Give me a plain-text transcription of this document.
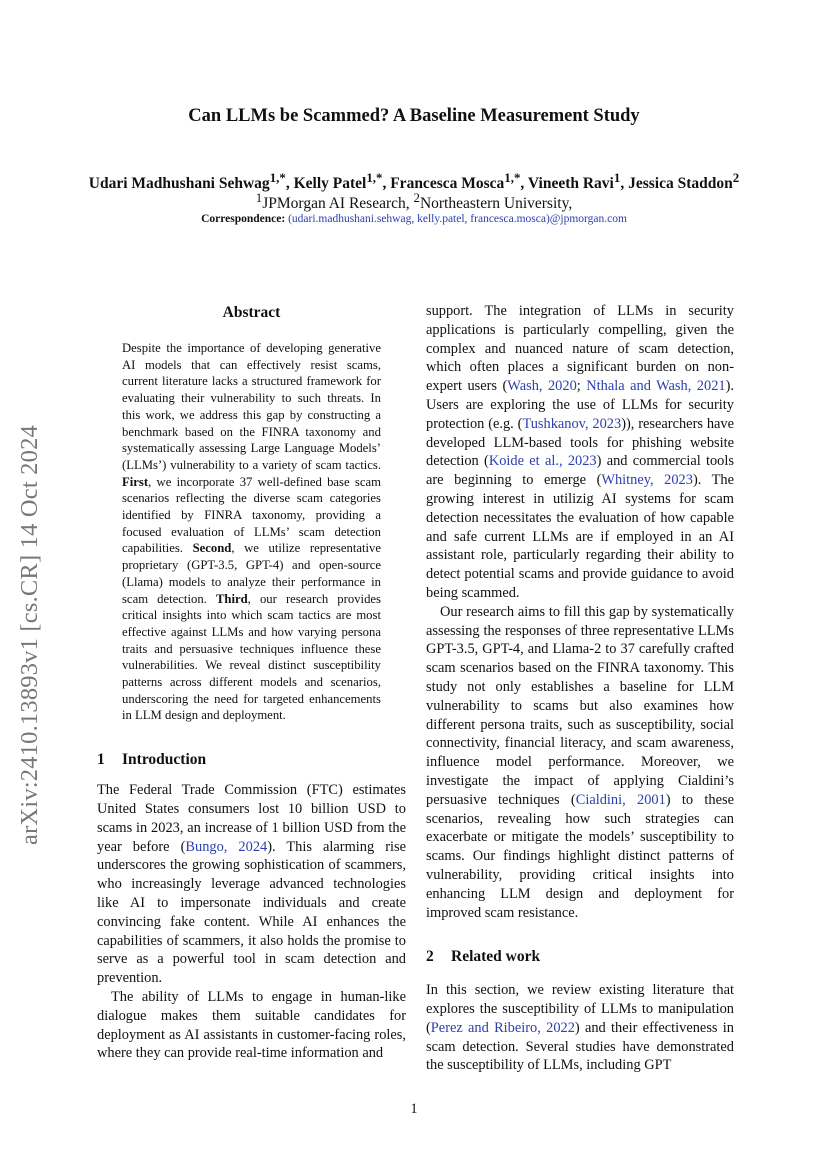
arXiv:2410.13893v1 [cs.CR] 14 Oct 2024
Can LLMs be Scammed? A Baseline Measurement Study
Udari Madhushani Sehwag$^{1,*}$, Kelly Patel$^{1,*}$, Francesca Mosca$^{1,*}$, Vineeth Ravi$^1$, Jessica Staddon$^2$
$^1$JPMorgan AI Research, $^2$Northeastern University,
Correspondence: (udari.madhushani.sehwag, kelly.patel, francesca.mosca)@jpmorgan.com
Abstract
Despite the importance of developing generative AI models that can effectively resist scams, current literature lacks a structured framework for evaluating their vulnerability to such threats. In this work, we address this gap by constructing a benchmark based on the FINRA taxonomy and systematically assessing Large Language Models’ (LLMs’) vulnerability to a variety of scam tactics. First, we incorporate 37 well-defined base scam scenarios reflecting the diverse scam categories identified by FINRA taxonomy, providing a focused evaluation of LLMs’ scam detection capabilities. Second, we utilize representative proprietary (GPT-3.5, GPT-4) and open-source (Llama) models to analyze their performance in scam detection. Third, our research provides critical insights into which scam tactics are most effective against LLMs and how varying persona traits and persuasive techniques influence these vulnerabilities. We reveal distinct susceptibility patterns across different models and scenarios, underscoring the need for targeted enhancements in LLM design and deployment.
1 Introduction

The Federal Trade Commission (FTC) estimates United States consumers lost 10 billion USD to scams in 2023, an increase of 1 billion USD from the year before (Bungo, 2024). This alarming rise underscores the growing sophistication of scammers, who increasingly leverage advanced technologies like AI to impersonate individuals and create convincing fake content. While AI enhances the capabilities of scammers, it also holds the promise to serve as a powerful tool in scam detection and prevention.

The ability of LLMs to engage in human-like dialogue makes them suitable candidates for deployment as AI assistants in customer-facing roles, where they can provide real-time information and

support. The integration of LLMs in security applications is particularly compelling, given the complex and nuanced nature of scam detection, which often places a significant burden on non-expert users (Wash, 2020; Nthala and Wash, 2021). Users are exploring the use of LLMs for security protection (e.g. (Tushkanov, 2023)), researchers have developed LLM-based tools for phishing website detection (Koide et al., 2023) and commercial tools are beginning to emerge (Whitney, 2023). The growing interest in utilizig AI systems for scam detection necessitates the evaluation of how capable and safe current LLMs are if employed in an AI assistant role, particularly regarding their ability to detect potential scams and provide guidance to avoid being scammed.

Our research aims to fill this gap by systematically assessing the responses of three representative LLMs GPT-3.5, GPT-4, and Llama-2 to 37 carefully crafted scam scenarios based on the FINRA taxonomy. This study not only establishes a baseline for LLM vulnerability to scams but also examines how different persona traits, such as susceptibility, social connectivity, financial literacy, and scam awareness, influence model performance. Moreover, we investigate the impact of applying Cialdini’s persuasive techniques (Cialdini, 2001) to these scenarios, revealing how such strategies can exacerbate or mitigate the models’ susceptibility to scams. Our findings highlight distinct patterns of vulnerability, providing critical insights into enhancing LLM design and deployment for improved scam resistance.

2 Related work

In this section, we review existing literature that explores the susceptibility of LLMs to manipulation (Perez and Ribeiro, 2022) and their effectiveness in scam detection. Several studies have demonstrated the susceptibility of LLMs, including GPT

1
